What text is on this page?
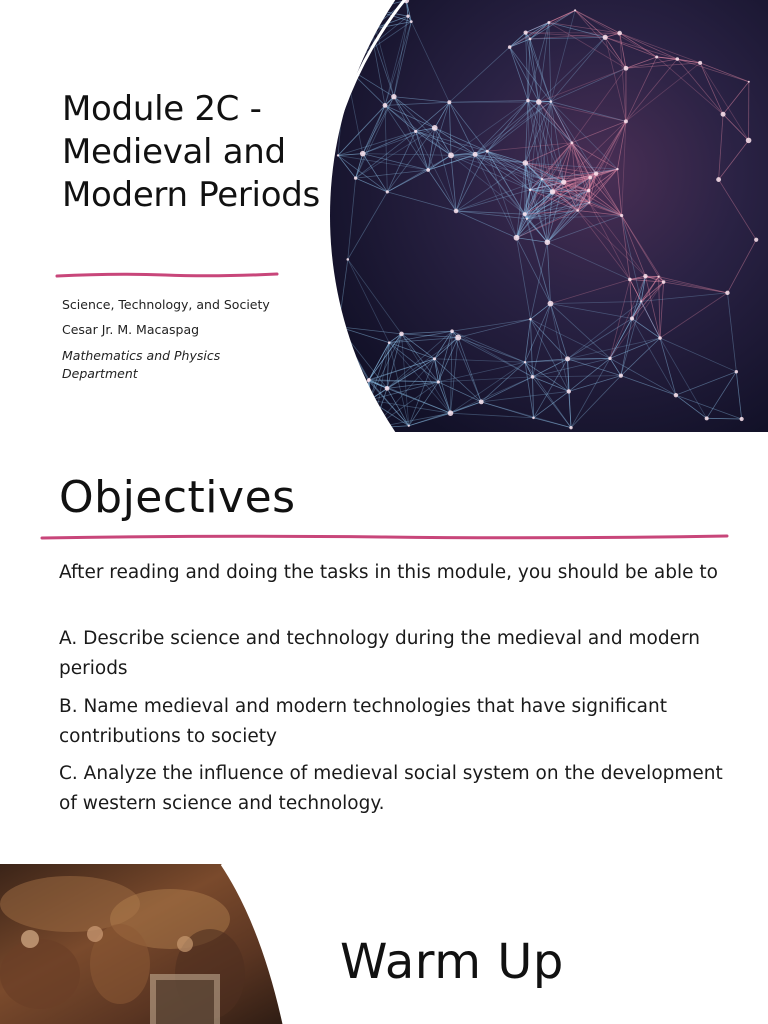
Module 2C - Medieval and Modern Periods

Science, Technology, and Society

Cesar Jr. M. Macaspag

Mathematics and Physics Department

Objectives

After reading and doing the tasks in this module, you should be able to

A. Describe science and technology during the medieval and modern periods

B. Name medieval and modern technologies that have significant contributions to society

C. Analyze the influence of medieval social system on the development of western science and technology.

Warm Up
